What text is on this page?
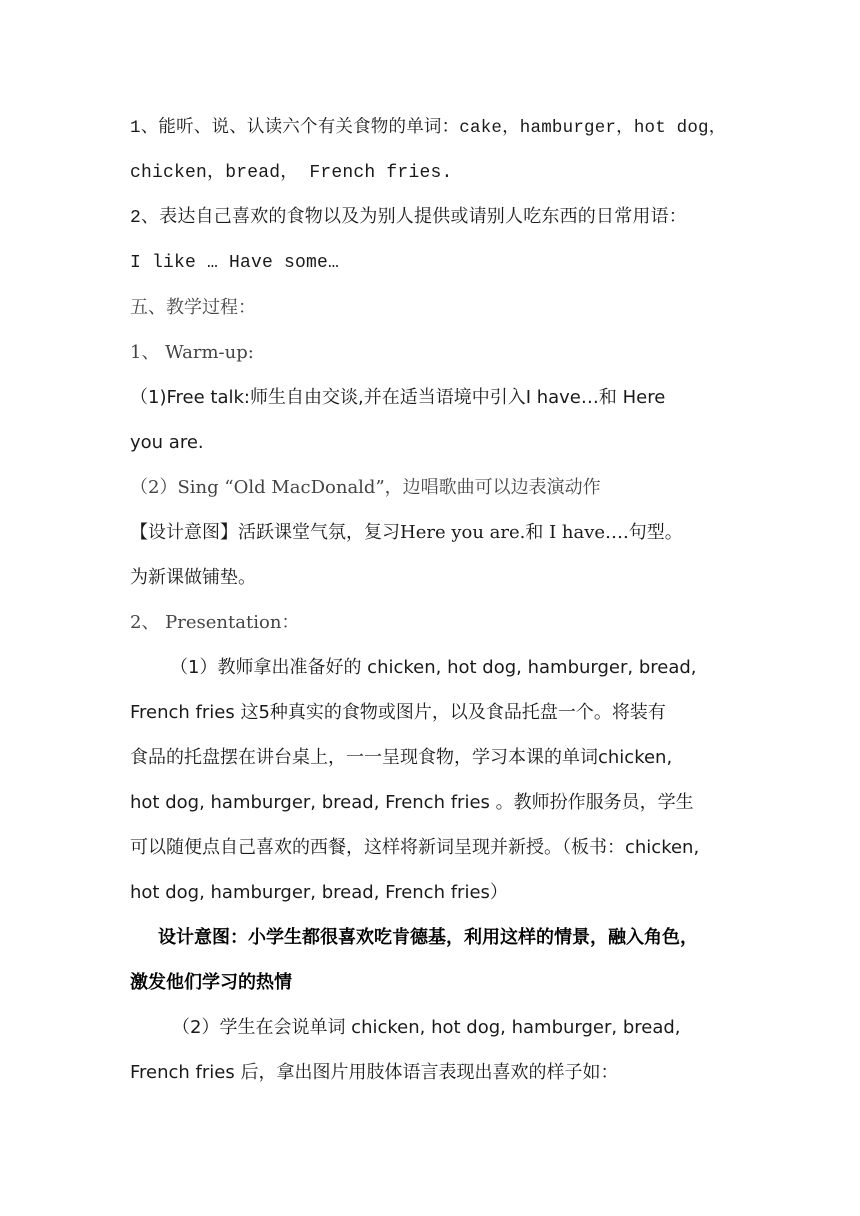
1、能听、说、认读六个有关食物的单词：cake，hamburger，hot dog，
chicken，bread， French fries.
2、表达自己喜欢的食物以及为别人提供或请别人吃东西的日常用语：
I like … Have some…
五、教学过程：
1、 Warm-up:
（1)Free talk:师生自由交谈,并在适当语境中引入I have…和 Here
you are.
（2）Sing “Old MacDonald”，边唱歌曲可以边表演动作
【设计意图】活跃课堂气氛，复习Here you are.和 I have….句型。
为新课做铺垫。
2、 Presentation：
（1）教师拿出准备好的 chicken, hot dog, hamburger, bread,
French fries 这5种真实的食物或图片，以及食品托盘一个。将装有
食品的托盘摆在讲台桌上，一一呈现食物，学习本课的单词chicken,
hot dog, hamburger, bread, French fries 。教师扮作服务员，学生
可以随便点自己喜欢的西餐，这样将新词呈现并新授。（板书：chicken,
hot dog, hamburger, bread, French fries）
设计意图：小学生都很喜欢吃肯德基，利用这样的情景，融入角色，
激发他们学习的热情
（2）学生在会说单词 chicken, hot dog, hamburger, bread,
French fries 后，拿出图片用肢体语言表现出喜欢的样子如：
